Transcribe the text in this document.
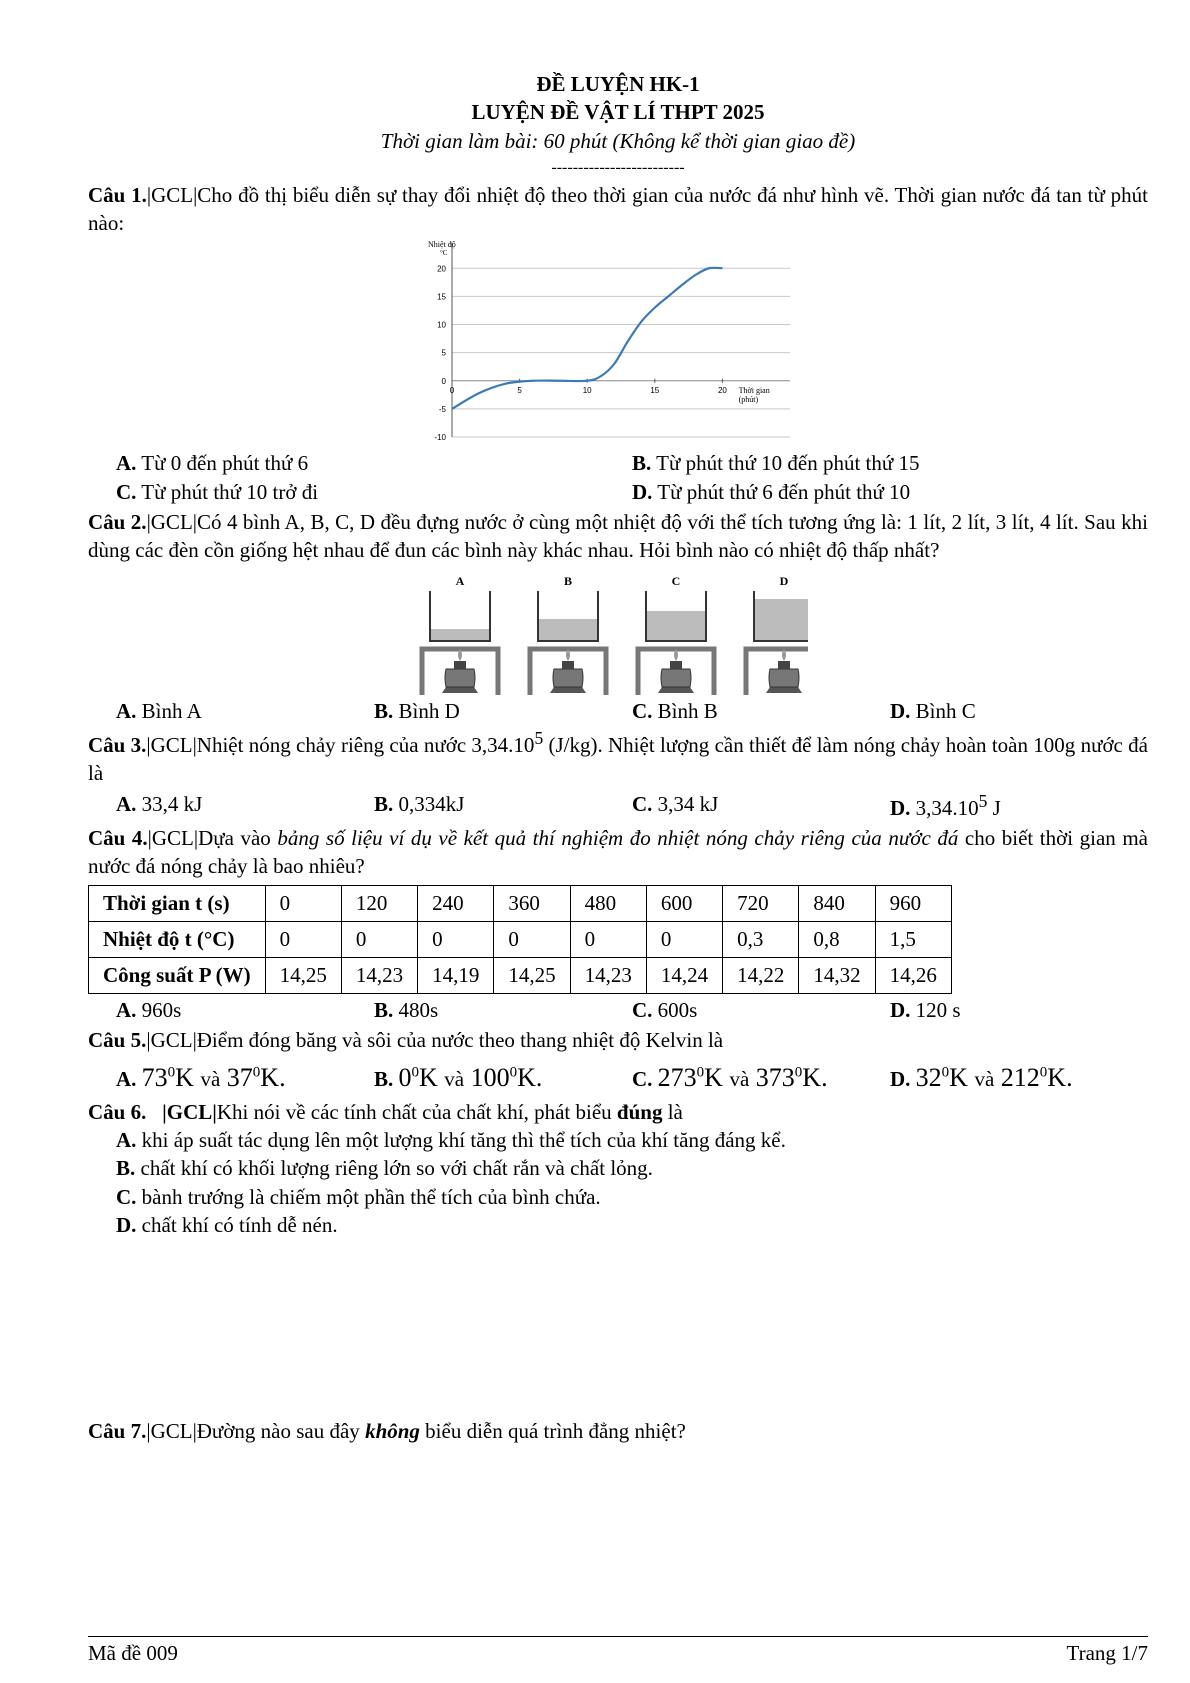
ĐỀ LUYỆN HK-1
LUYỆN ĐỀ VẬT LÍ THPT 2025
Thời gian làm bài: 60 phút (Không kể thời gian giao đề)
-------------------------
Câu 1.|GCL|Cho đồ thị biểu diễn sự thay đổi nhiệt độ theo thời gian của nước đá như hình vẽ. Thời gian nước đá tan từ phút nào:
20
15
10
5
0
-5
-10
0	5	10	15	20
Nhiệt độ
°C
Thời gian
(phút)
A. Từ 0 đến phút thứ 6	B. Từ phút thứ 10 đến phút thứ 15
C. Từ phút thứ 10 trở đi	D. Từ phút thứ 6 đến phút thứ 10
Câu 2.|GCL|Có 4 bình A, B, C, D đều đựng nước ở cùng một nhiệt độ với thể tích tương ứng là: 1 lít, 2 lít, 3 lít, 4 lít. Sau khi dùng các đèn cồn giống hệt nhau để đun các bình này khác nhau. Hỏi bình nào có nhiệt độ thấp nhất?
A	B	C	D
A. Bình A	B. Bình D	C. Bình B	D. Bình C
Câu 3.|GCL|Nhiệt nóng chảy riêng của nước 3,34.10$^5$ (J/kg). Nhiệt lượng cần thiết để làm nóng chảy hoàn toàn 100g nước đá là
A. 33,4 kJ	B. 0,334kJ	C. 3,34 kJ	D. 3,34.10$^5$ J
Câu 4.|GCL|Dựa vào bảng số liệu ví dụ về kết quả thí nghiệm đo nhiệt nóng chảy riêng của nước đá cho biết thời gian mà nước đá nóng chảy là bao nhiêu?
Thời gian t (s)	0	120	240	360	480	600	720	840	960
Nhiệt độ t (°C)	0	0	0	0	0	0	0,3	0,8	1,5
Công suất P (W)	14,25	14,23	14,19	14,25	14,23	14,24	14,22	14,32	14,26
A. 960s	B. 480s	C. 600s	D. 120 s
Câu 5.|GCL|Điểm đóng băng và sôi của nước theo thang nhiệt độ Kelvin là
A. $73^0K$ và $37^0K$.	B. $0^0K$ và $100^0K$.	C. $273^0K$ và $373^0K$.	D. $32^0K$ và $212^0K$.
Câu 6. |GCL|Khi nói về các tính chất của chất khí, phát biểu đúng là
A. khi áp suất tác dụng lên một lượng khí tăng thì thể tích của khí tăng đáng kể.
B. chất khí có khối lượng riêng lớn so với chất rắn và chất lỏng.
C. bành trướng là chiếm một phần thể tích của bình chứa.
D. chất khí có tính dễ nén.
Câu 7.|GCL|Đường nào sau đây không biểu diễn quá trình đẳng nhiệt?
Mã đề 009	Trang 1/7
